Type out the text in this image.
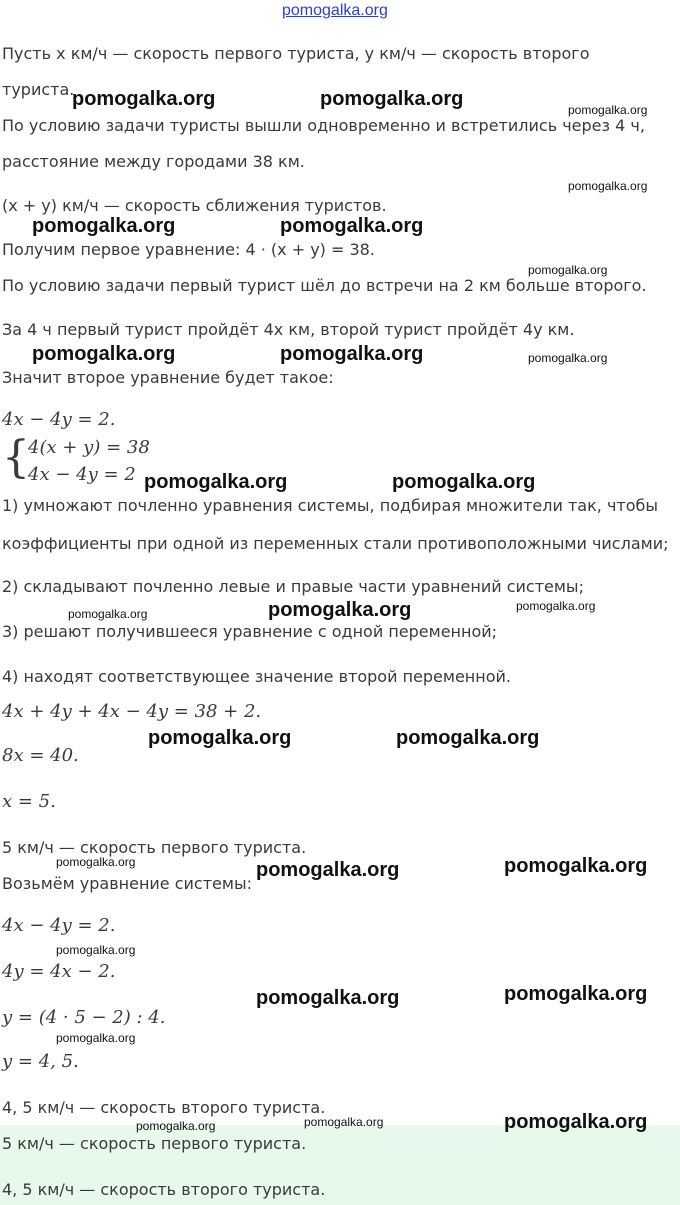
pomogalka.org
Пусть x км/ч — скорость первого туриста, y км/ч — скорость второго
туриста.
По условию задачи туристы вышли одновременно и встретились через 4 ч,
расстояние между городами 38 км.
(x + y) км/ч — скорость сближения туристов.
Получим первое уравнение: 4 · (x + y) = 38.
По условию задачи первый турист шёл до встречи на 2 км больше второго.
За 4 ч первый турист пройдёт 4x км, второй турист пройдёт 4y км.
Значит второе уравнение будет такое:
4x − 4y = 2.
{
4(x + y) = 38
4x − 4y = 2
1) умножают почленно уравнения системы, подбирая множители так, чтобы
коэффициенты при одной из переменных стали противоположными числами;
2) складывают почленно левые и правые части уравнений системы;
3) решают получившееся уравнение с одной переменной;
4) находят соответствующее значение второй переменной.
4x + 4y + 4x − 4y = 38 + 2.
8x = 40.
x = 5.
5 км/ч — скорость первого туриста.
Возьмём уравнение системы:
4x − 4y = 2.
4y = 4x − 2.
y = (4 · 5 − 2) : 4.
y = 4, 5.
4, 5 км/ч — скорость второго туриста.
5 км/ч — скорость первого туриста.
4, 5 км/ч — скорость второго туриста.
pomogalka.org	pomogalka.org	pomogalka.org
pomogalka.org
pomogalka.org	pomogalka.org
pomogalka.org
pomogalka.org	pomogalka.org	pomogalka.org
pomogalka.org	pomogalka.org
pomogalka.org	pomogalka.org	pomogalka.org
pomogalka.org	pomogalka.org
pomogalka.org	pomogalka.org	pomogalka.org
pomogalka.org
pomogalka.org	pomogalka.org
pomogalka.org
pomogalka.org	pomogalka.org	pomogalka.org
